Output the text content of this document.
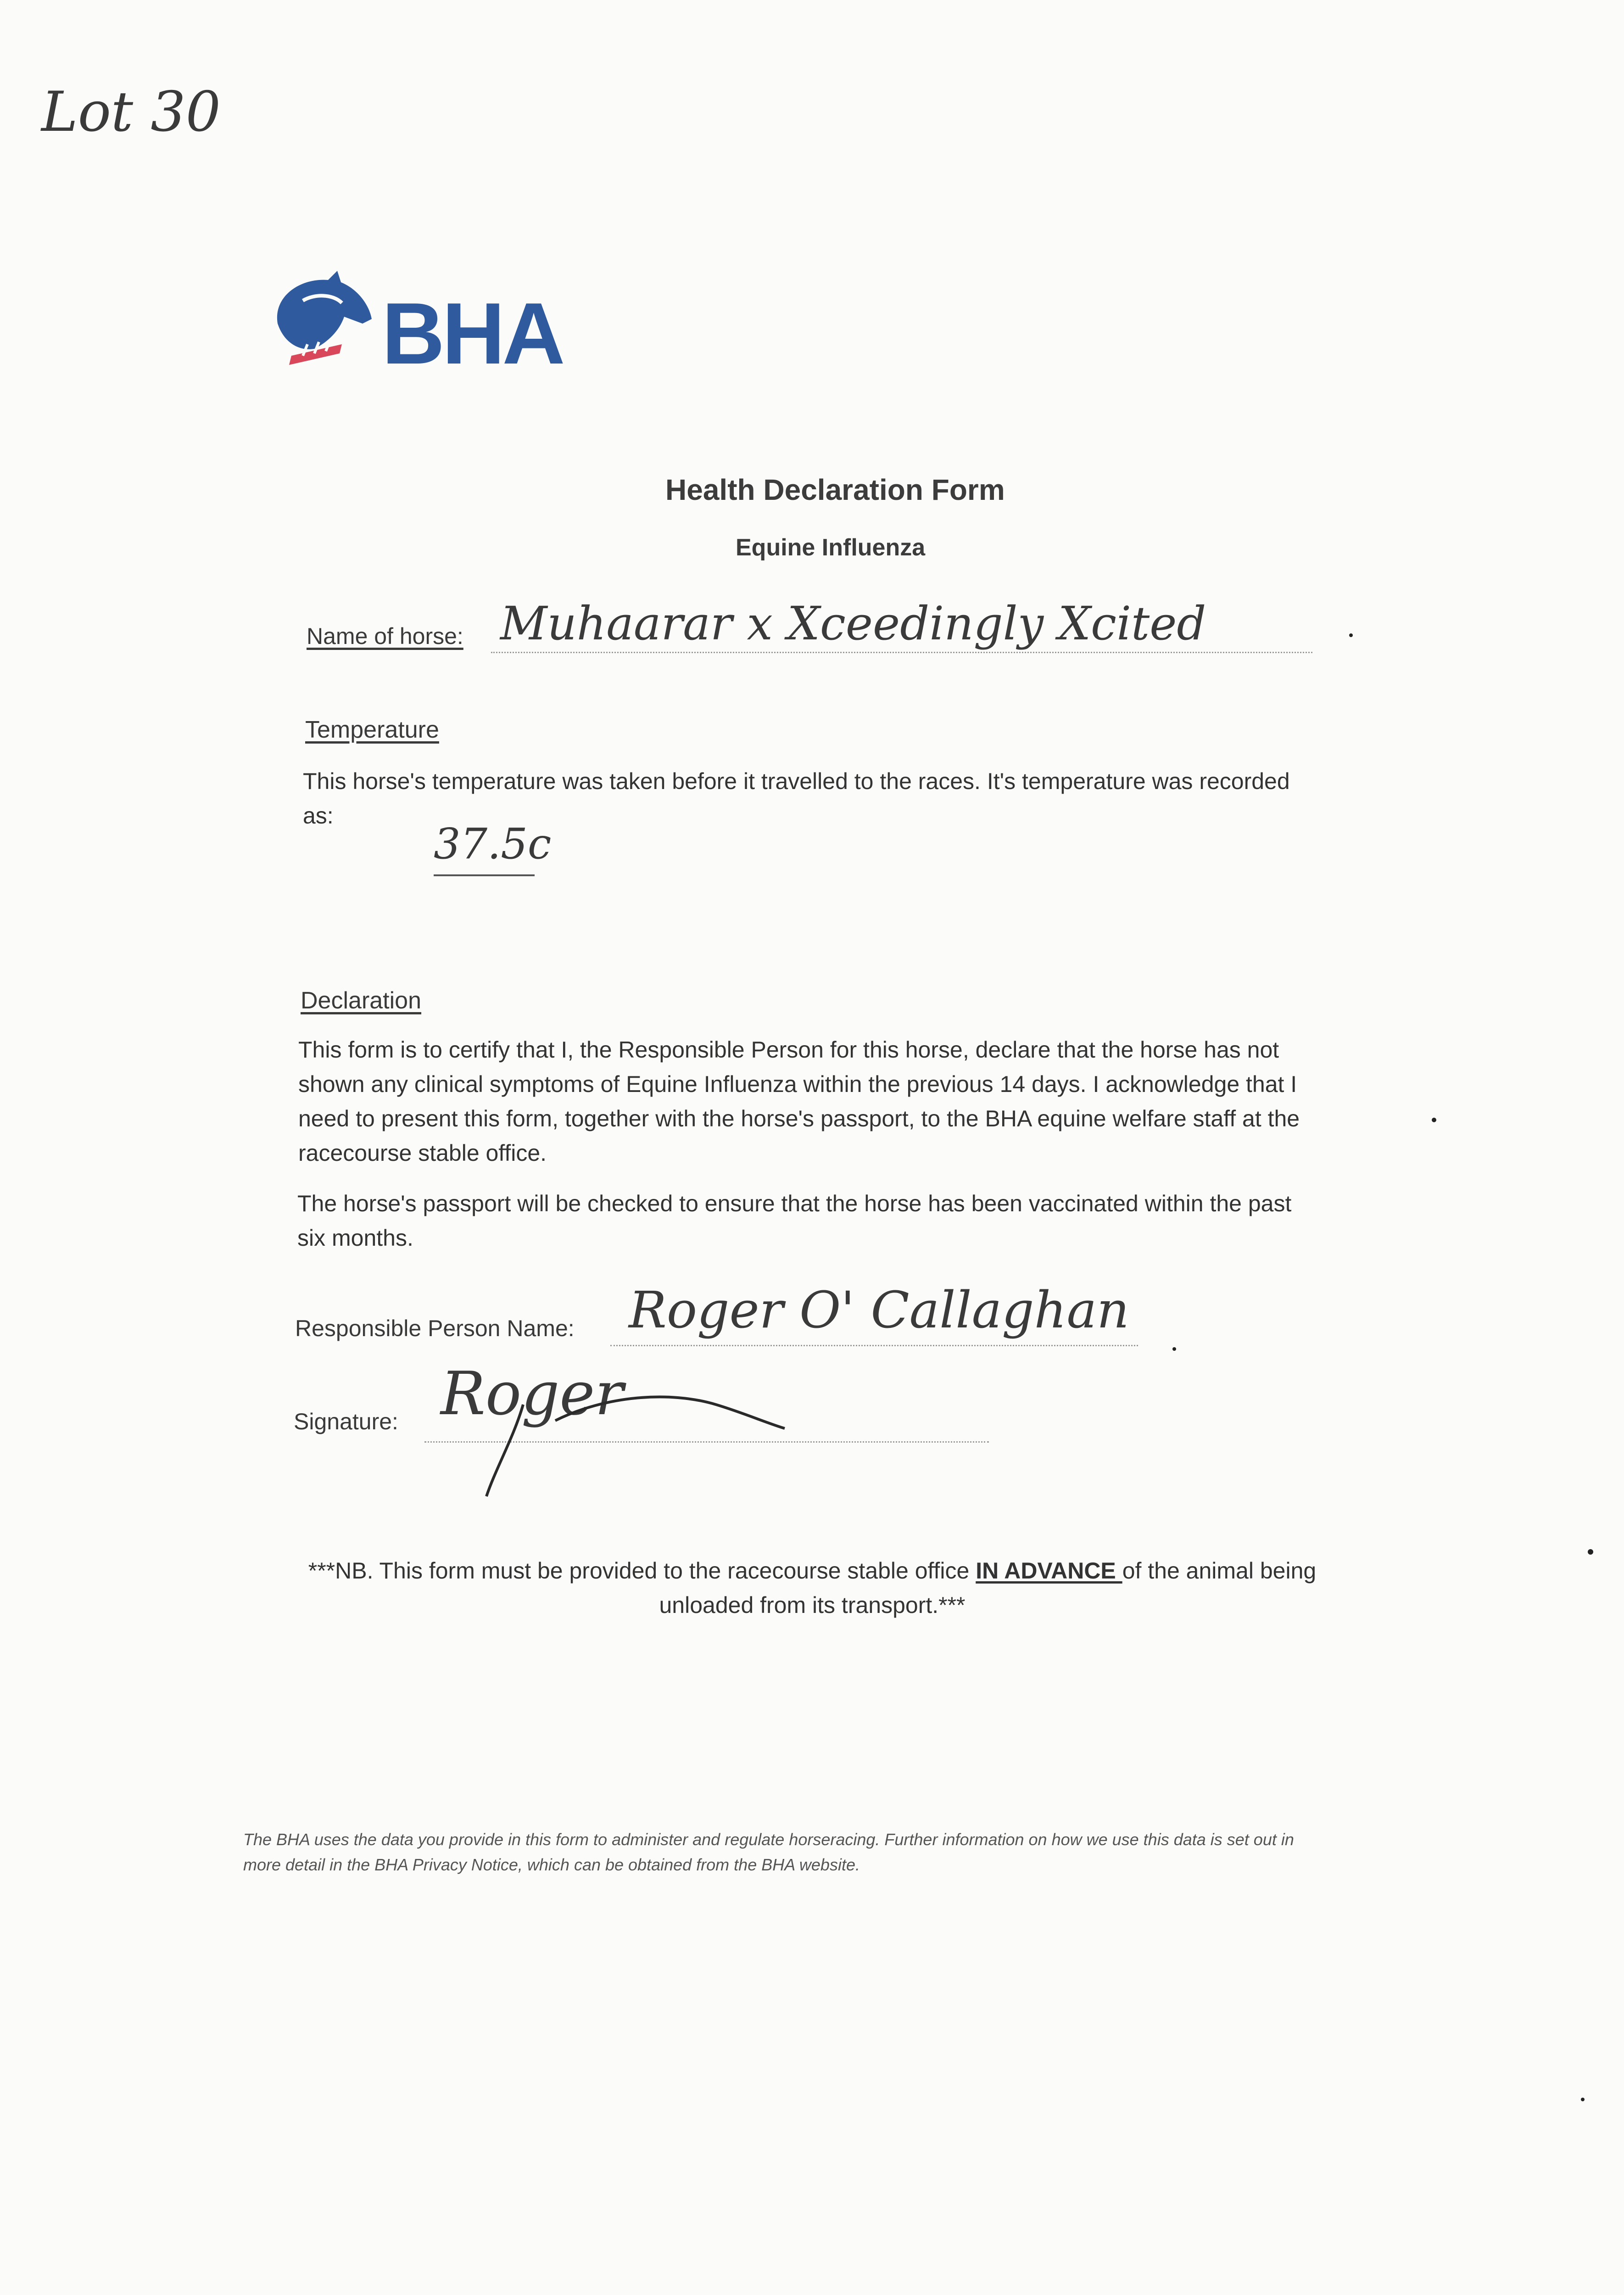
Lot 30
BHA
Health Declaration Form
Equine Influenza
Name of horse: Muhaarar x Xceedingly Xcited
Temperature
This horse's temperature was taken before it travelled to the races. It's temperature was recorded as:
37.5c
Declaration
This form is to certify that I, the Responsible Person for this horse, declare that the horse has not shown any clinical symptoms of Equine Influenza within the previous 14 days. I acknowledge that I need to present this form, together with the horse's passport, to the BHA equine welfare staff at the racecourse stable office.
The horse's passport will be checked to ensure that the horse has been vaccinated within the past six months.
Responsible Person Name: Roger O' Callaghan
Signature: Roger
***NB. This form must be provided to the racecourse stable office IN ADVANCE of the animal being unloaded from its transport.***
The BHA uses the data you provide in this form to administer and regulate horseracing. Further information on how we use this data is set out in more detail in the BHA Privacy Notice, which can be obtained from the BHA website.
